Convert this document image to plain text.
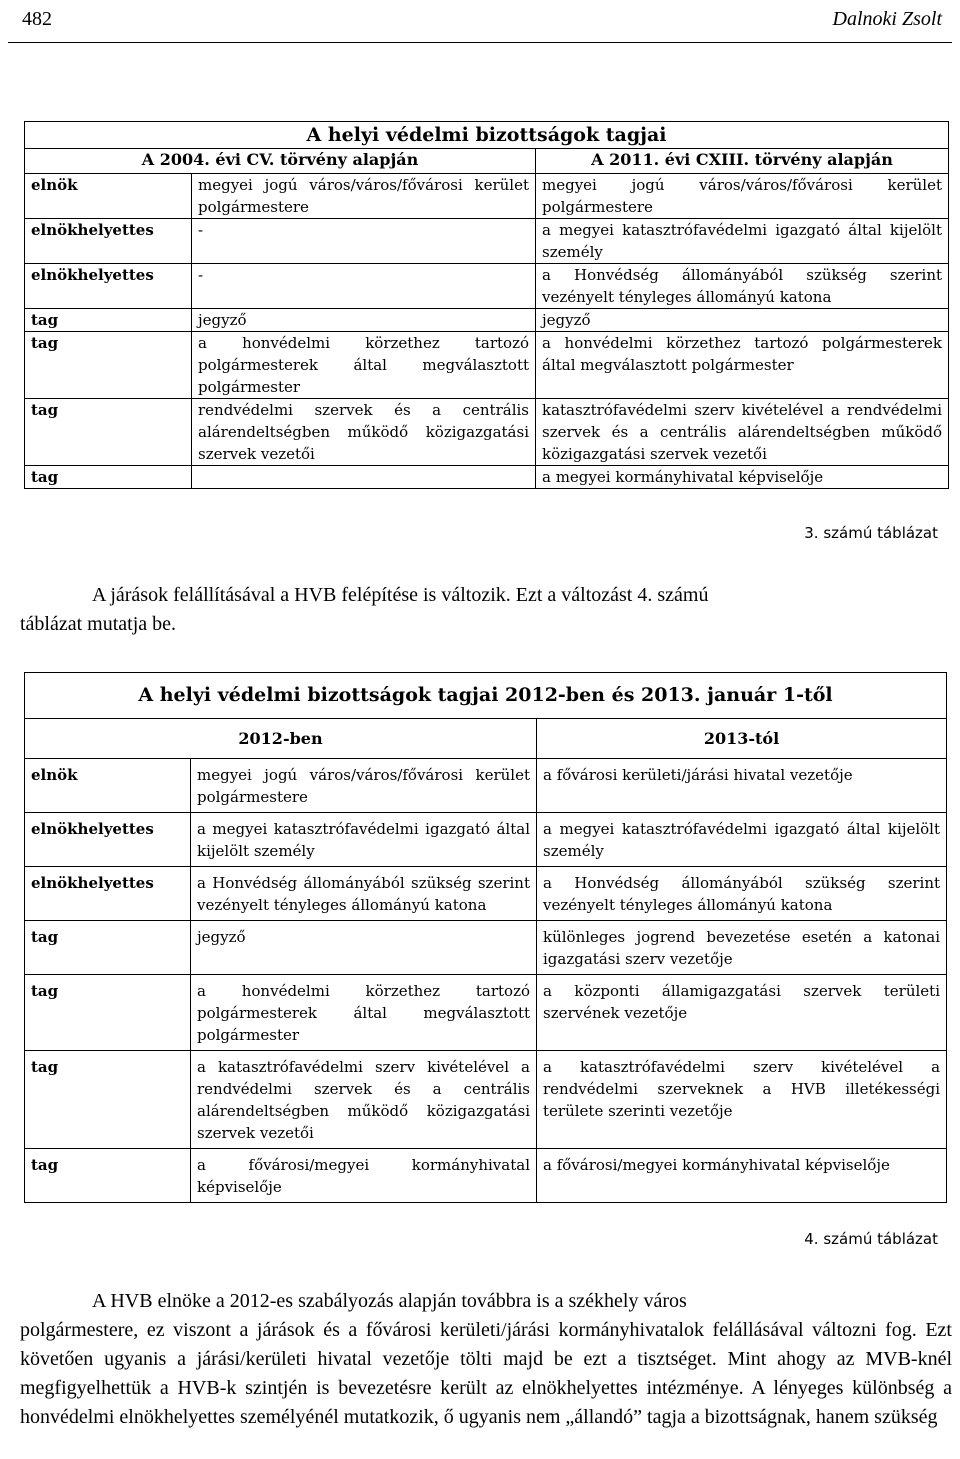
482	Dalnoki Zsolt
A helyi védelmi bizottságok tagjai		
A 2004. évi CV. törvény alapján		A 2011. évi CXIII. törvény alapján
elnök	megyei jogú város/város/fővárosi kerület polgármestere	megyei jogú város/város/fővárosi kerület polgármestere
elnökhelyettes	-	a megyei katasztrófavédelmi igazgató által kijelölt személy
elnökhelyettes	-	a Honvédség állományából szükség szerint vezényelt tényleges állományú katona
tag	jegyző	jegyző
tag	a honvédelmi körzethez tartozó polgármesterek által megválasztott polgármester	a honvédelmi körzethez tartozó polgármesterek által megválasztott polgármester
tag	rendvédelmi szervek és a centrális alárendeltségben működő közigazgatási szervek vezetői	katasztrófavédelmi szerv kivételével a rendvédelmi szervek és a centrális alárendeltségben működő közigazgatási szervek vezetői
tag		a megyei kormányhivatal képviselője
3. számú táblázat
A járások felállításával a HVB felépítése is változik. Ezt a változást 4. számú
táblázat mutatja be.
A helyi védelmi bizottságok tagjai 2012-ben és 2013. január 1-től		
2012-ben		2013-tól
elnök	megyei jogú város/város/fővárosi kerület polgármestere	a fővárosi kerületi/járási hivatal vezetője
elnökhelyettes	a megyei katasztrófavédelmi igazgató által kijelölt személy	a megyei katasztrófavédelmi igazgató által kijelölt személy
elnökhelyettes	a Honvédség állományából szükség szerint vezényelt tényleges állományú katona	a Honvédség állományából szükség szerint vezényelt tényleges állományú katona
tag	jegyző	különleges jogrend bevezetése esetén a katonai igazgatási szerv vezetője
tag	a honvédelmi körzethez tartozó polgármesterek által megválasztott polgármester	a központi államigazgatási szervek területi szervének vezetője
tag	a katasztrófavédelmi szerv kivételével a rendvédelmi szervek és a centrális alárendeltségben működő közigazgatási szervek vezetői	a katasztrófavédelmi szerv kivételével a rendvédelmi szerveknek a HVB illetékességi területe szerinti vezetője
tag	a fővárosi/megyei kormányhivatal képviselője	a fővárosi/megyei kormányhivatal képviselője
4. számú táblázat
A HVB elnöke a 2012-es szabályozás alapján továbbra is a székhely város
polgármestere, ez viszont a járások és a fővárosi kerületi/járási kormányhivatalok felállásával változni fog. Ezt követően ugyanis a járási/kerületi hivatal vezetője tölti majd be ezt a tisztséget. Mint ahogy az MVB-knél megfigyelhettük a HVB-k szintjén is bevezetésre került az elnökhelyettes intézménye. A lényeges különbség a honvédelmi elnökhelyettes személyénél mutatkozik, ő ugyanis nem „állandó” tagja a bizottságnak, hanem szükség
